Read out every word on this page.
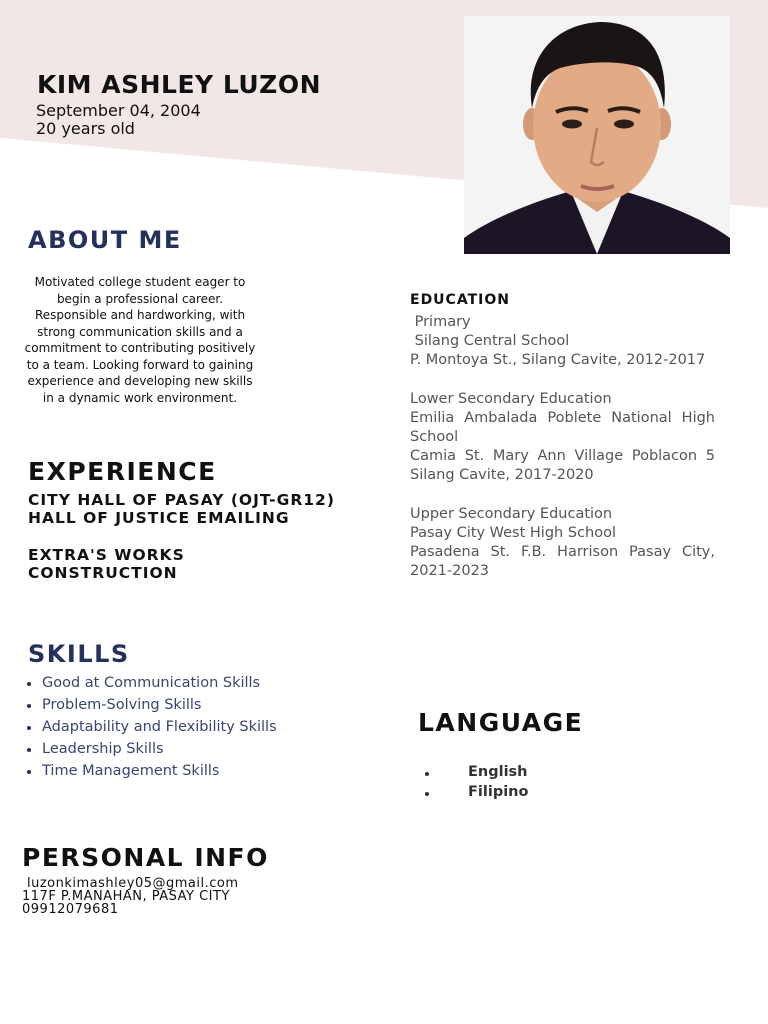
KIM ASHLEY LUZON
September 04, 2004
20 years old
ABOUT ME
Motivated college student eager to begin a professional career. Responsible and hardworking, with strong communication skills and a commitment to contributing positively to a team. Looking forward to gaining experience and developing new skills in a dynamic work environment.
EXPERIENCE
CITY HALL OF PASAY (OJT-GR12)
HALL OF JUSTICE EMAILING
EXTRA'S WORKS
CONSTRUCTION
SKILLS
Good at Communication Skills
Problem-Solving Skills
Adaptability and Flexibility Skills
Leadership Skills
Time Management Skills
PERSONAL INFO
luzonkimashley05@gmail.com
117F P.MANAHAN, PASAY CITY
09912079681
EDUCATION
Primary
Silang Central School
P. Montoya St., Silang Cavite, 2012-2017
Lower Secondary Education
Emilia Ambalada Poblete National High School
Camia St. Mary Ann Village Poblacon 5 Silang Cavite, 2017-2020
Upper Secondary Education
Pasay City West High School
Pasadena St. F.B. Harrison Pasay City, 2021-2023
LANGUAGE
English
Filipino
